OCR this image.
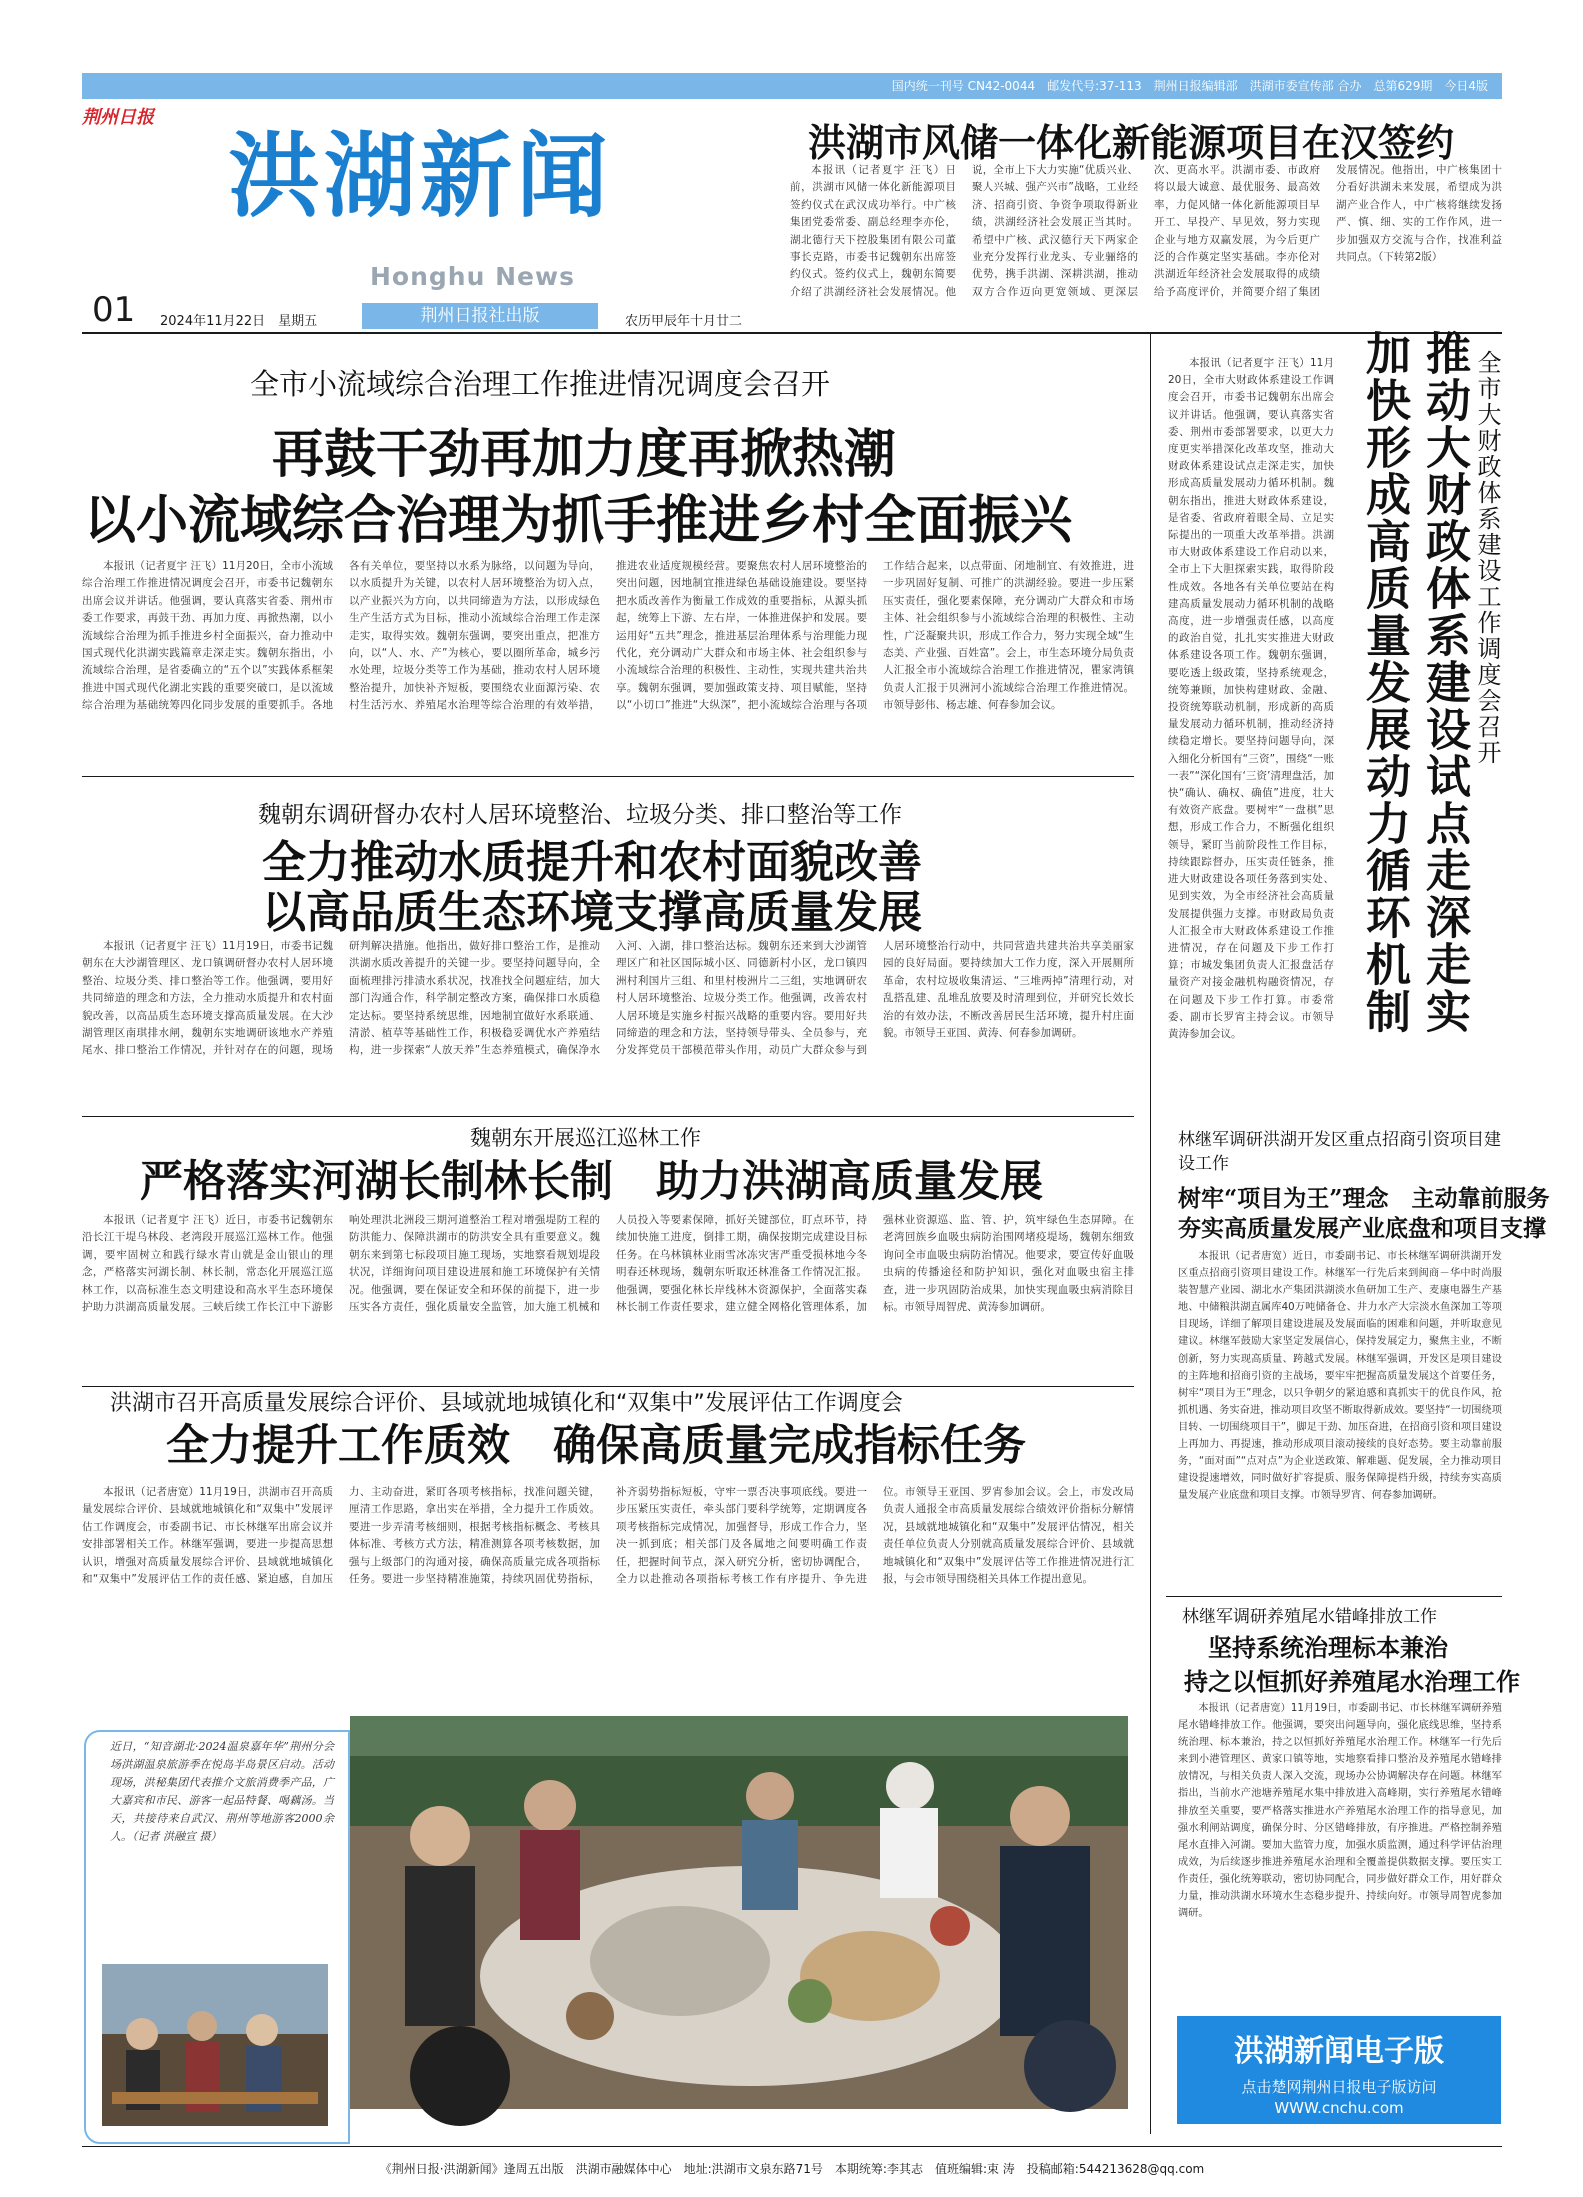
国内统一刊号 CN42-0044　邮发代号:37-113　荆州日报编辑部　洪湖市委宣传部 合办　总第629期　今日4版
荆州日报
洪湖新闻
Honghu News
01 2024年11月22日　星期五	荆州日报社出版	农历甲辰年十月廿二
洪湖市风储一体化新能源项目在汉签约

本报讯（记者夏宇 汪飞）日前，洪湖市风储一体化新能源项目签约仪式在武汉成功举行。中广核集团党委常委、副总经理李亦伦，湖北德行天下控股集团有限公司董事长克路，市委书记魏朝东出席签约仪式。签约仪式上，魏朝东简要介绍了洪湖经济社会发展情况。他说，全市上下大力实施“优质兴业、聚人兴城、强产兴市”战略，工业经济、招商引资、争资争项取得新业绩，洪湖经济社会发展正当其时。希望中广核、武汉德行天下两家企业充分发挥行业龙头、专业骊络的优势，携手洪湖、深耕洪湖，推动双方合作迈向更宽领域、更深层次、更高水平。洪湖市委、市政府将以最大诚意、最优服务、最高效率，力促风储一体化新能源项目早开工、早投产、早见效，努力实现企业与地方双赢发展，为今后更广泛的合作奠定坚实基础。李亦伦对洪湖近年经济社会发展取得的成绩给予高度评价，并简要介绍了集团发展情况。他指出，中广核集团十分看好洪湖未来发展，希望成为洪湖产业合作人，中广核将继续发扬严、慎、细、实的工作作风，进一步加强双方交流与合作，找准利益共同点。（下转第2版）

全市小流域综合治理工作推进情况调度会召开
再鼓干劲再加力度再掀热潮
以小流域综合治理为抓手推进乡村全面振兴

本报讯（记者夏宇 汪飞）11月20日，全市小流域综合治理工作推进情况调度会召开，市委书记魏朝东出席会议并讲话。他强调，要认真落实省委、荆州市委工作要求，再鼓干劲、再加力度、再掀热潮，以小流域综合治理为抓手推进乡村全面振兴，奋力推动中国式现代化洪湖实践篇章走深走实。魏朝东指出，小流域综合治理，是省委确立的“五个以”实践体系框架推进中国式现代化湖北实践的重要突破口，是以流域综合治理为基础统筹四化同步发展的重要抓手。各地各有关单位，要坚持以水系为脉络，以问题为导向，以水质提升为关键，以农村人居环境整治为切入点，以产业振兴为方向，以共同缔造为方法，以形成绿色生产生活方式为目标，推动小流域综合治理工作走深走实，取得实效。魏朝东强调，要突出重点，把准方向，以“人、水、产”为核心，要以圈所革命，城乡污水处理，垃圾分类等工作为基础，推动农村人居环境整治提升，加快补齐短板，要围绕农业面源污染、农村生活污水、养殖尾水治理等综合治理的有效举措，推进农业适度规模经营。要聚焦农村人居环境整治的突出问题，因地制宜推进绿色基础设施建设。要坚持把水质改善作为衡量工作成效的重要指标，从源头抓起，统筹上下游、左右岸，一体推进保护和发展。要运用好“五共”理念，推进基层治理体系与治理能力现代化，充分调动广大群众和市场主体、社会组织参与小流域综合治理的积极性、主动性，实现共建共治共享。魏朝东强调，要加强政策支持、项目赋能，坚持以“小切口”推进“大纵深”，把小流域综合治理与各项工作结合起来，以点带面、闭地制宜、有效推进，进一步巩固好复制、可推广的洪湖经验。要进一步压紧压实责任，强化要素保障，充分调动广大群众和市场主体、社会组织参与小流域综合治理的积极性、主动性，广泛凝聚共识，形成工作合力，努力实现全域“生态美、产业强、百姓富”。会上，市生态环境分局负责人汇报全市小流域综合治理工作推进情况，瞿家湾镇负责人汇报于贝洲河小流域综合治理工作推进情况。市领导彭伟、杨志雄、何春参加会议。

魏朝东调研督办农村人居环境整治、垃圾分类、排口整治等工作
全力推动水质提升和农村面貌改善
以高品质生态环境支撑高质量发展

本报讯（记者夏宇 汪飞）11月19日，市委书记魏朝东在大沙湖管理区、龙口镇调研督办农村人居环境整治、垃圾分类、排口整治等工作。他强调，要用好共同缔造的理念和方法，全力推动水质提升和农村面貌改善，以高品质生态环境支撑高质量发展。在大沙湖管理区南琪排水闸，魏朝东实地调研该地水产养殖尾水、排口整治工作情况，并针对存在的问题，现场研判解决措施。他指出，做好排口整治工作，是推动洪湖水质改善提升的关键一步。要坚持问题导向，全面梳理排污排渍水系状况，找准找全问题症结，加大部门沟通合作，科学制定整改方案，确保排口水质稳定达标。要坚持系统思维，因地制宜做好水系联通、清淤、植草等基础性工作，积极稳妥调优水产养殖结构，进一步探索“人放天养”生态养殖模式，确保净水入河、入湖，排口整治达标。魏朝东还来到大沙湖管理区广和社区国际城小区、同德新村小区，龙口镇四洲村利国片三组、和里村梭洲片二三组，实地调研农村人居环境整治、垃圾分类工作。他强调，改善农村人居环境是实施乡村振兴战略的重要内容。要用好共同缔造的理念和方法，坚持领导带头、全员参与，充分发挥党员干部模范带头作用，动员广大群众参与到人居环境整治行动中，共同营造共建共治共享美丽家园的良好局面。要持续加大工作力度，深入开展厕所革命，农村垃圾收集清运、“三堆两掉”清理行动，对乱搭乱建、乱堆乱放要及时清理到位，并研究长效长治的有效办法，不断改善居民生活环境，提升村庄面貌。市领导王亚国、黄涛、何春参加调研。

魏朝东开展巡江巡林工作
严格落实河湖长制林长制　助力洪湖高质量发展

本报讯（记者夏宇 汪飞）近日，市委书记魏朝东沿长江干堤乌林段、老湾段开展巡江巡林工作。他强调，要牢固树立和践行绿水青山就是金山银山的理念，严格落实河湖长制、林长制，常态化开展巡江巡林工作，以高标准生态文明建设和高水平生态环境保护助力洪湖高质量发展。三峡后续工作长江中下游影响处理洪北洲段三期河道整治工程对增强堤防工程的防洪能力、保障洪湖市的防洪安全具有重要意义。魏朝东来到第七标段项目施工现场，实地察看规划堤段状况，详细询问项目建设进展和施工环境保护有关情况。他强调，要在保证安全和环保的前提下，进一步压实各方责任，强化质量安全监管，加大施工机械和人员投入等要素保障，抓好关键部位，盯点环节，持续加快施工进度，倒排工期，确保按期完成建设目标任务。在乌林镇林业雨雪冰冻灾害严重受损林地今冬明春还林现场，魏朝东听取还林准备工作情况汇报。他强调，要强化林长岸线林木资源保护，全面落实森林长制工作责任要求，建立健全网格化管理体系，加强林业资源巡、监、管、护，筑牢绿色生态屏障。在老湾回族乡血吸虫病防治围网堵疫堤场，魏朝东细致询问全市血吸虫病防治情况。他要求，要宣传好血吸虫病的传播途径和防护知识，强化对血吸虫宿主排查，进一步巩固防治成果，加快实现血吸虫病消除目标。市领导周智虎、黄涛参加调研。

洪湖市召开高质量发展综合评价、县域就地城镇化和“双集中”发展评估工作调度会
全力提升工作质效　确保高质量完成指标任务

本报讯（记者唐宽）11月19日，洪湖市召开高质量发展综合评价、县域就地城镇化和“双集中”发展评估工作调度会，市委副书记、市长林继军出席会议并安排部署相关工作。林继军强调，要进一步提高思想认识，增强对高质量发展综合评价、县域就地城镇化和“双集中”发展评估工作的责任感、紧迫感，自加压力、主动奋进，紧盯各项考核指标，找准问题关键，厘清工作思路，拿出实在举措，全力提升工作质效。要进一步弄清考核细则，根据考核指标概念、考核具体标准、考核方式方法，精准测算各项考核数据，加强与上级部门的沟通对接，确保高质量完成各项指标任务。要进一步坚持精准施策，持续巩固优势指标，补齐弱势指标短板，守牢一票否决事项底线。要进一步压紧压实责任，牵头部门要科学统筹，定期调度各项考核指标完成情况，加强督导，形成工作合力，坚决一抓到底；相关部门及各属地之间要明确工作责任，把握时间节点，深入研究分析，密切协调配合，全力以赴推动各项指标考核工作有序提升、争先进位。市领导王亚国、罗宵参加会议。会上，市发改局负责人通报全市高质量发展综合绩效评价指标分解情况，县域就地城镇化和“双集中”发展评估情况，相关责任单位负责人分别就高质量发展综合评价、县域就地城镇化和“双集中”发展评估等工作推进情况进行汇报，与会市领导围绕相关具体工作提出意见。

本报讯（记者夏宇 汪飞）11月20日，全市大财政体系建设工作调度会召开，市委书记魏朝东出席会议并讲话。他强调，要认真落实省委、荆州市委部署要求，以更大力度更实举措深化改革攻坚，推动大财政体系建设试点走深走实，加快形成高质量发展动力循环机制。魏朝东指出，推进大财政体系建设，是省委、省政府着眼全局、立足实际提出的一项重大改革举措。洪湖市大财政体系建设工作启动以来，全市上下大胆探索实践，取得阶段性成效。各地各有关单位要站在构建高质量发展动力循环机制的战略高度，进一步增强责任感，以高度的政治自觉，扎扎实实推进大财政体系建设各项工作。魏朝东强调，要吃透上级政策，坚持系统观念，统筹兼顾，加快构建财政、金融、投资统筹联动机制，形成新的高质量发展动力循环机制，推动经济持续稳定增长。要坚持问题导向，深入细化分析国有“三资”，围绕“一账一表”“深化国有‘三资’清理盘活，加快“确认、确权、确值”进度，壮大有效资产底盘。要树牢“一盘棋”思想，形成工作合力，不断强化组织领导，紧盯当前阶段性工作目标，持续跟踪督办，压实责任链条，推进大财政建设各项任务落到实处、见到实效，为全市经济社会高质量发展提供强力支撑。市财政局负责人汇报全市大财政体系建设工作推进情况，存在问题及下步工作打算；市城发集团负责人汇报盘活存量资产对接金融机构融资情况，存在问题及下步工作打算。市委常委、副市长罗宵主持会议。市领导黄涛参加会议。	推动大财政体系建设试点走深走实
加快形成高质量发展动力循环机制	全市大财政体系建设工作调度会召开
林继军调研洪湖开发区重点招商引资项目建设工作
树牢“项目为王”理念　主动靠前服务
夯实高质量发展产业底盘和项目支撑

本报讯（记者唐宽）近日，市委副书记、市长林继军调研洪湖开发区重点招商引资项目建设工作。林继军一行先后来到闽商－华中时尚服装智慧产业园、湖北水产集团洪湖淡水鱼研加工生产、麦康电器生产基地、中储粮洪湖直属库40万吨储备仓、井力水产大宗淡水鱼深加工等项目现场，详细了解项目建设进展及发展面临的困难和问题，并听取意见建议。林继军鼓励大家坚定发展信心，保持发展定力，聚焦主业，不断创新，努力实现高质量、跨越式发展。林继军强调，开发区是项目建设的主阵地和招商引资的主战场，要牢牢把握高质量发展这个首要任务，树牢“项目为王”理念，以只争朝夕的紧迫感和真抓实干的优良作风，抢抓机遇、务实奋进，推动项目攻坚不断取得新成效。要坚持“一切围绕项目转、一切围绕项目干”，脚足干劲、加压奋进，在招商引资和项目建设上再加力、再提速，推动形成项目滚动接续的良好态势。要主动靠前服务，“面对面”“点对点”为企业送政策、解难题、促发展，全力推动项目建设提速增效，同时做好扩容提质、服务保障提档升级，持续夯实高质量发展产业底盘和项目支撑。市领导罗宵、何春参加调研。

林继军调研养殖尾水错峰排放工作
坚持系统治理标本兼治
持之以恒抓好养殖尾水治理工作

本报讯（记者唐宽）11月19日，市委副书记、市长林继军调研养殖尾水错峰排放工作。他强调，要突出问题导向，强化底线思维，坚持系统治理、标本兼治，持之以恒抓好养殖尾水治理工作。林继军一行先后来到小港管理区、黄家口镇等地，实地察看排口整治及养殖尾水错峰排放情况，与相关负责人深入交流，现场办公协调解决存在问题。林继军指出，当前水产池塘养殖尾水集中排放进入高峰期，实行养殖尾水错峰排放至关重要，要严格落实推进水产养殖尾水治理工作的指导意见，加强水利闸站调度，确保分时、分区错峰排放，有序推进。严格控制养殖尾水直排入河湖。要加大监管力度，加强水质监测，通过科学评估治理成效，为后续逐步推进养殖尾水治理和全覆盖提供数据支撑。要压实工作责任，强化统筹联动，密切协同配合，同步做好群众工作，用好群众力量，推动洪湖水环境水生态稳步提升、持续向好。市领导周智虎参加调研。

洪湖新闻电子版
点击楚网荆州日报电子版访问
WWW.cnchu.com
近日，“知音湖北·2024温泉嘉年华”荆州分会场洪湖温泉旅游季在悦岛半岛景区启动。活动现场，洪秘集团代表推介文旅消费季产品，广大嘉宾和市民、游客一起品特餐、喝藕汤。当天，共接待来自武汉、荆州等地游客2000余人。（记者 洪融宣 摄）
《荆州日报·洪湖新闻》逢周五出版　洪湖市融媒体中心　地址:洪湖市文泉东路71号　本期统筹:李其志　值班编辑:束 涛　投稿邮箱:544213628@qq.com
